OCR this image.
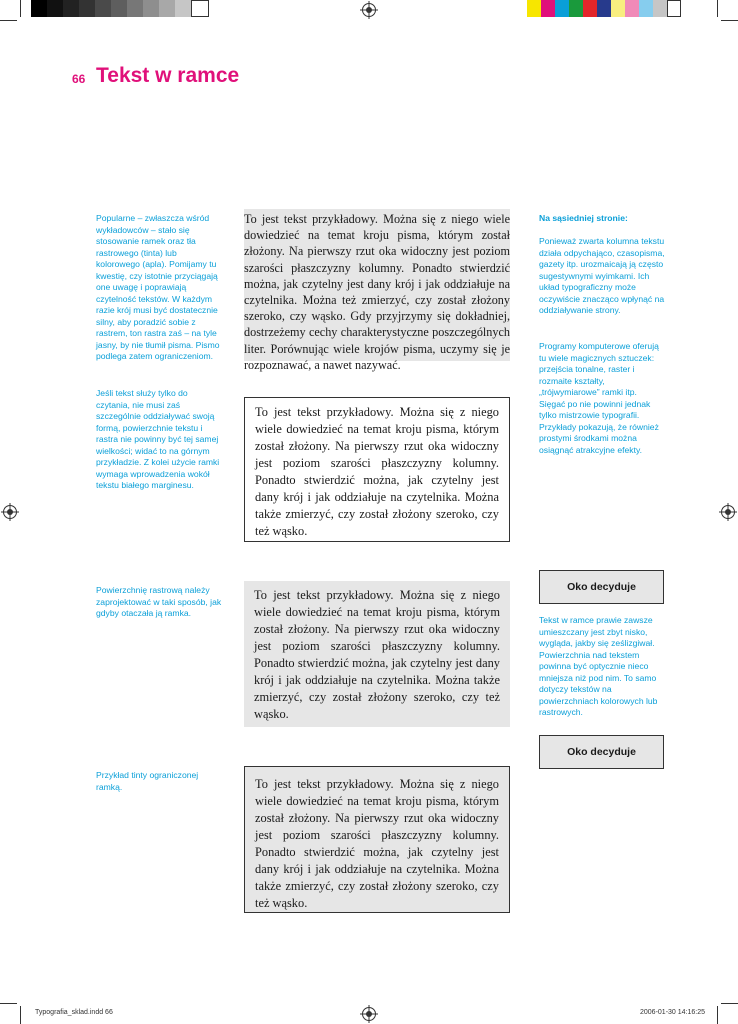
66 Tekst w ramce

Popularne – zwłaszcza wśród wykładowców – stało się stosowanie ramek oraz tła rastrowego (tinta) lub kolorowego (apla). Pomijamy tu kwestię, czy istotnie przyciągają one uwagę i poprawiają czytelność tekstów. W każdym razie krój musi być dostatecznie silny, aby poradzić sobie z rastrem, ton rastra zaś – na tyle jasny, by nie tłumił pisma. Pismo podlega zatem ograniczeniom.

Jeśli tekst służy tylko do czytania, nie musi zaś szczególnie oddziaływać swoją formą, powierzchnie tekstu i rastra nie powinny być tej samej wielkości; widać to na górnym przykładzie. Z kolei użycie ramki wymaga wprowadzenia wokół tekstu białego marginesu.

Powierzchnię rastrową należy zaprojektować w taki sposób, jak gdyby otaczała ją ramka.

Przykład tinty ograniczonej ramką.

To jest tekst przykładowy. Można się z niego wiele dowiedzieć na temat kroju pisma, którym został złożony. Na pierwszy rzut oka widoczny jest poziom szarości płaszczyzny kolumny. Ponadto stwierdzić można, jak czytelny jest dany krój i jak oddziałuje na czytelnika. Można też zmierzyć, czy został złożony szeroko, czy wąsko. Gdy przyjrzymy się dokładniej, dostrzeżemy cechy charakterystyczne poszczególnych liter. Porównując wiele krojów pisma, uczymy się je rozpoznawać, a nawet nazywać.
To jest tekst przykładowy. Można się z niego wiele dowiedzieć na temat kroju pisma, którym został złożony. Na pierwszy rzut oka widoczny jest poziom szarości płaszczyzny kolumny. Ponadto stwierdzić można, jak czytelny jest dany krój i jak oddziałuje na czytelnika. Można także zmierzyć, czy został złożony szeroko, czy też wąsko.
To jest tekst przykładowy. Można się z niego wiele dowiedzieć na temat kroju pisma, którym został złożony. Na pierwszy rzut oka widoczny jest poziom szarości płaszczyzny kolumny. Ponadto stwierdzić można, jak czytelny jest dany krój i jak oddziałuje na czytelnika. Można także zmierzyć, czy został złożony szeroko, czy też wąsko.
To jest tekst przykładowy. Można się z niego wiele dowiedzieć na temat kroju pisma, którym został złożony. Na pierwszy rzut oka widoczny jest poziom szarości płaszczyzny kolumny. Ponadto stwierdzić można, jak czytelny jest dany krój i jak oddziałuje na czytelnika. Można także zmierzyć, czy został złożony szeroko, czy też wąsko.

Na sąsiedniej stronie:

Ponieważ zwarta kolumna tekstu działa odpychająco, czasopisma, gazety itp. urozmaicają ją często sugestywnymi wyimkami. Ich układ typograficzny może oczywiście znacząco wpłynąć na oddziaływanie strony.

Programy komputerowe oferują tu wiele magicznych sztuczek: przejścia tonalne, raster i rozmaite kształty, „trójwymiarowe” ramki itp. Sięgać po nie powinni jednak tylko mistrzowie typografii. Przykłady pokazują, że również prostymi środkami można osiągnąć atrakcyjne efekty.

Oko decyduje

Tekst w ramce prawie zawsze umieszczany jest zbyt nisko, wygląda, jakby się ześlizgiwał. Powierzchnia nad tekstem powinna być optycznie nieco mniejsza niż pod nim. To samo dotyczy tekstów na powierzchniach kolorowych lub rastrowych.

Oko decyduje
Typografia_sklad.indd 66	2006-01-30 14:16:25
